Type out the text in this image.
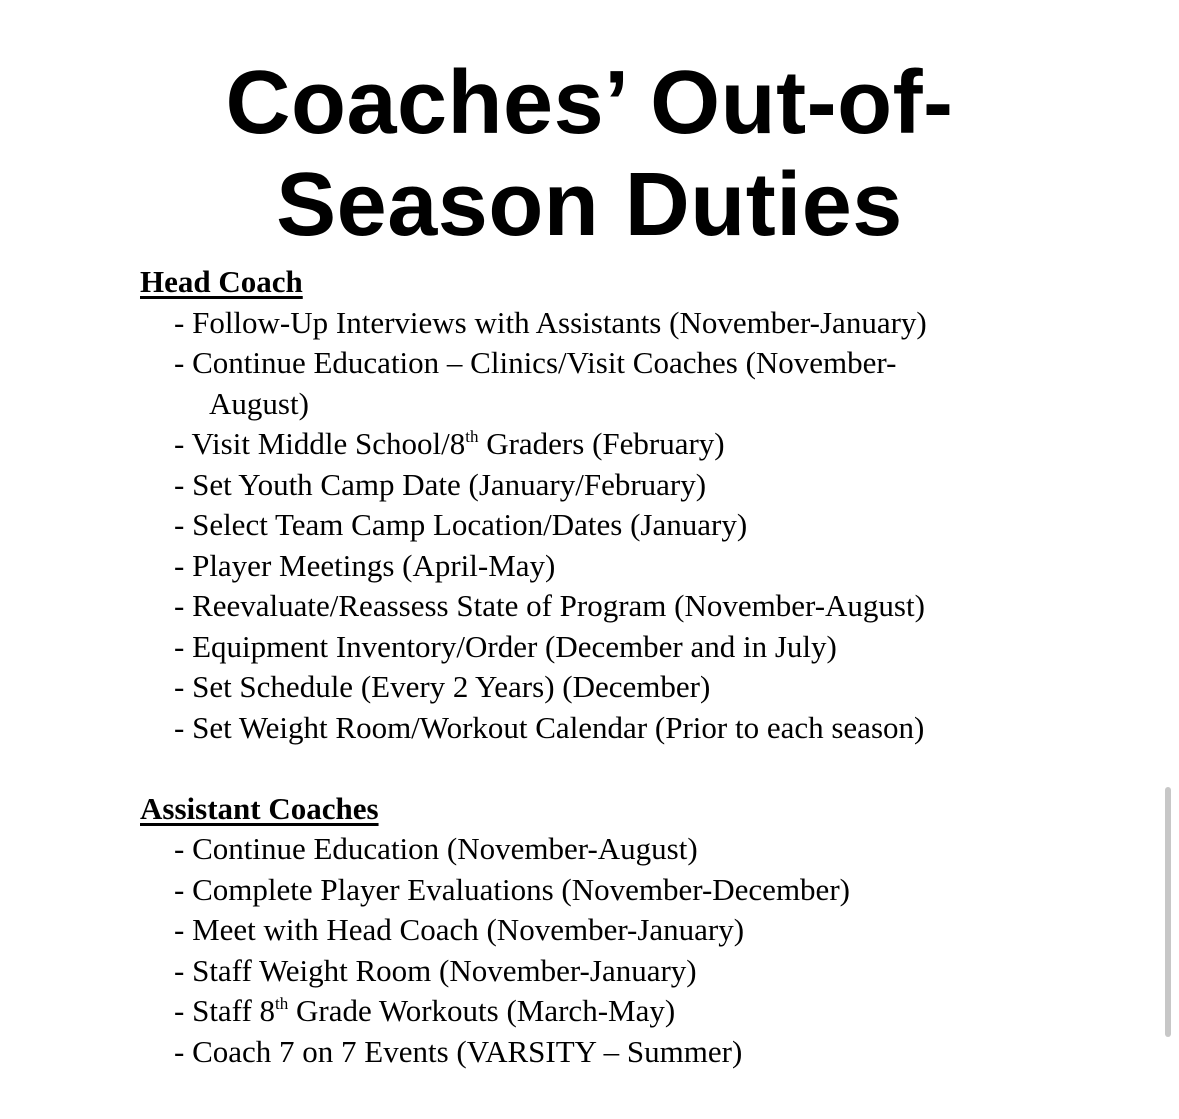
Coaches’ Out-of-
Season Duties
Head Coach
- Follow-Up Interviews with Assistants (November-January)
- Continue Education – Clinics/Visit Coaches (November-
August)
- Visit Middle School/8th Graders (February)
- Set Youth Camp Date (January/February)
- Select Team Camp Location/Dates (January)
- Player Meetings (April-May)
- Reevaluate/Reassess State of Program (November-August)
- Equipment Inventory/Order (December and in July)
- Set Schedule (Every 2 Years) (December)
- Set Weight Room/Workout Calendar (Prior to each season)
Assistant Coaches
- Continue Education (November-August)
- Complete Player Evaluations (November-December)
- Meet with Head Coach (November-January)
- Staff Weight Room (November-January)
- Staff 8th Grade Workouts (March-May)
- Coach 7 on 7 Events (VARSITY – Summer)
